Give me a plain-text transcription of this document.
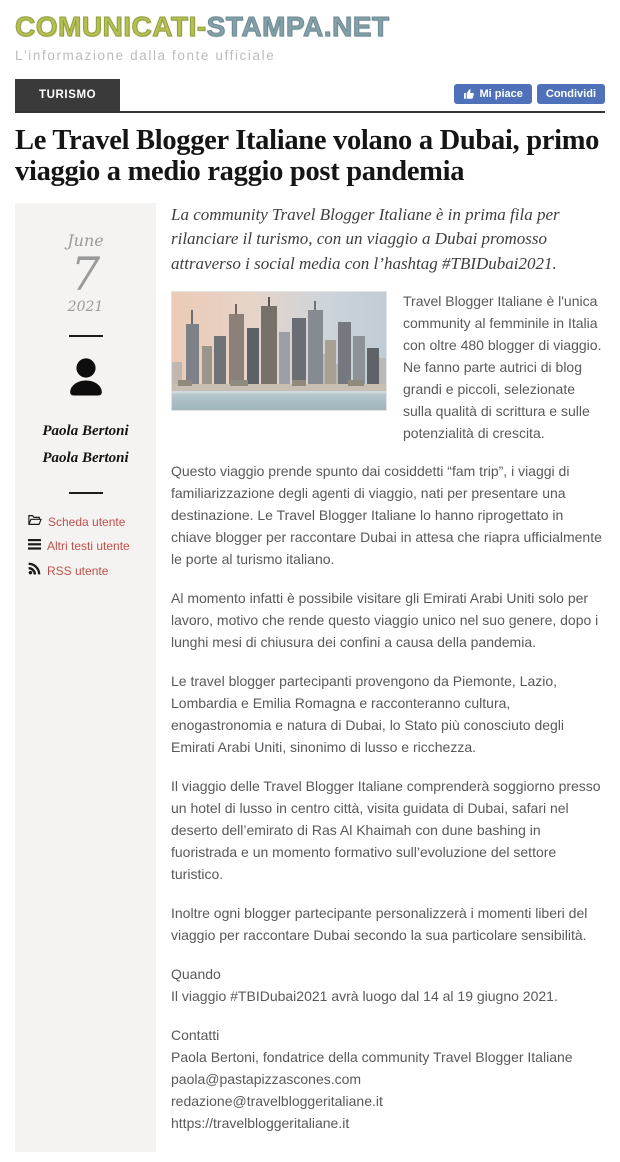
COMUNICATI-STAMPA.NET
L'informazione dalla fonte ufficiale
TURISMO	Mi piace Condividi
Le Travel Blogger Italiane volano a Dubai, primo viaggio a medio raggio post pandemia
June
7
2021
Paola Bertoni
Paola Bertoni
Scheda utente
Altri testi utente
RSS utente

La community Travel Blogger Italiane è in prima fila per rilanciare il turismo, con un viaggio a Dubai promosso attraverso i social media con l’hashtag #TBIDubai2021.

Travel Blogger Italiane è l'unica community al femminile in Italia con oltre 480 blogger di viaggio. Ne fanno parte autrici di blog grandi e piccoli, selezionate sulla qualità di scrittura e sulle potenzialità di crescita.

Questo viaggio prende spunto dai cosiddetti “fam trip”, i viaggi di familiarizzazione degli agenti di viaggio, nati per presentare una destinazione. Le Travel Blogger Italiane lo hanno riprogettato in chiave blogger per raccontare Dubai in attesa che riapra ufficialmente le porte al turismo italiano.

Al momento infatti è possibile visitare gli Emirati Arabi Uniti solo per lavoro, motivo che rende questo viaggio unico nel suo genere, dopo i lunghi mesi di chiusura dei confini a causa della pandemia.

Le travel blogger partecipanti provengono da Piemonte, Lazio, Lombardia e Emilia Romagna e racconteranno cultura, enogastronomia e natura di Dubai, lo Stato più conosciuto degli Emirati Arabi Uniti, sinonimo di lusso e ricchezza.

Il viaggio delle Travel Blogger Italiane comprenderà soggiorno presso un hotel di lusso in centro città, visita guidata di Dubai, safari nel deserto dell’emirato di Ras Al Khaimah con dune bashing in fuoristrada e un momento formativo sull’evoluzione del settore turistico.

Inoltre ogni blogger partecipante personalizzerà i momenti liberi del viaggio per raccontare Dubai secondo la sua particolare sensibilità.

Quando
Il viaggio #TBIDubai2021 avrà luogo dal 14 al 19 giugno 2021.

Contatti
Paola Bertoni, fondatrice della community Travel Blogger Italiane
paola@pastapizzascones.com
redazione@travelbloggeritaliane.it
https://travelbloggeritaliane.it
